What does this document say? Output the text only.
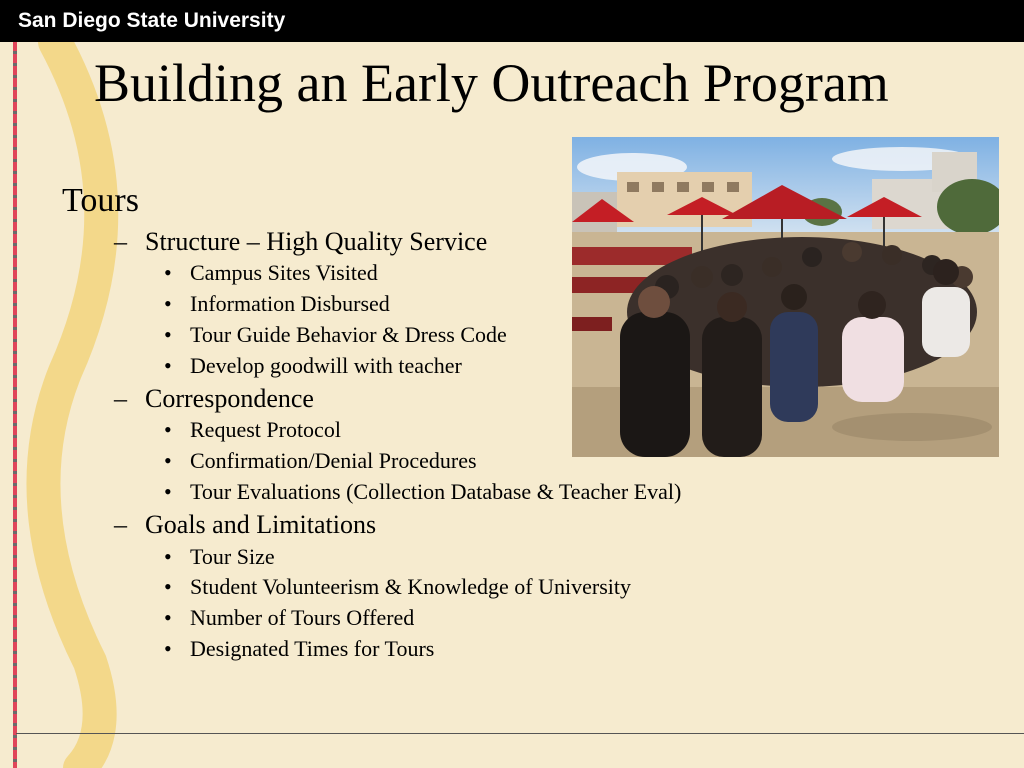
San Diego State University
Building an Early Outreach Program
Tours
– Structure – High Quality Service
• Campus Sites Visited
• Information Disbursed
• Tour Guide Behavior & Dress Code
• Develop goodwill with teacher
– Correspondence
• Request Protocol
• Confirmation/Denial Procedures
• Tour Evaluations (Collection Database & Teacher Eval)
– Goals and Limitations
• Tour Size
• Student Volunteerism & Knowledge of University
• Number of Tours Offered
• Designated Times for Tours
